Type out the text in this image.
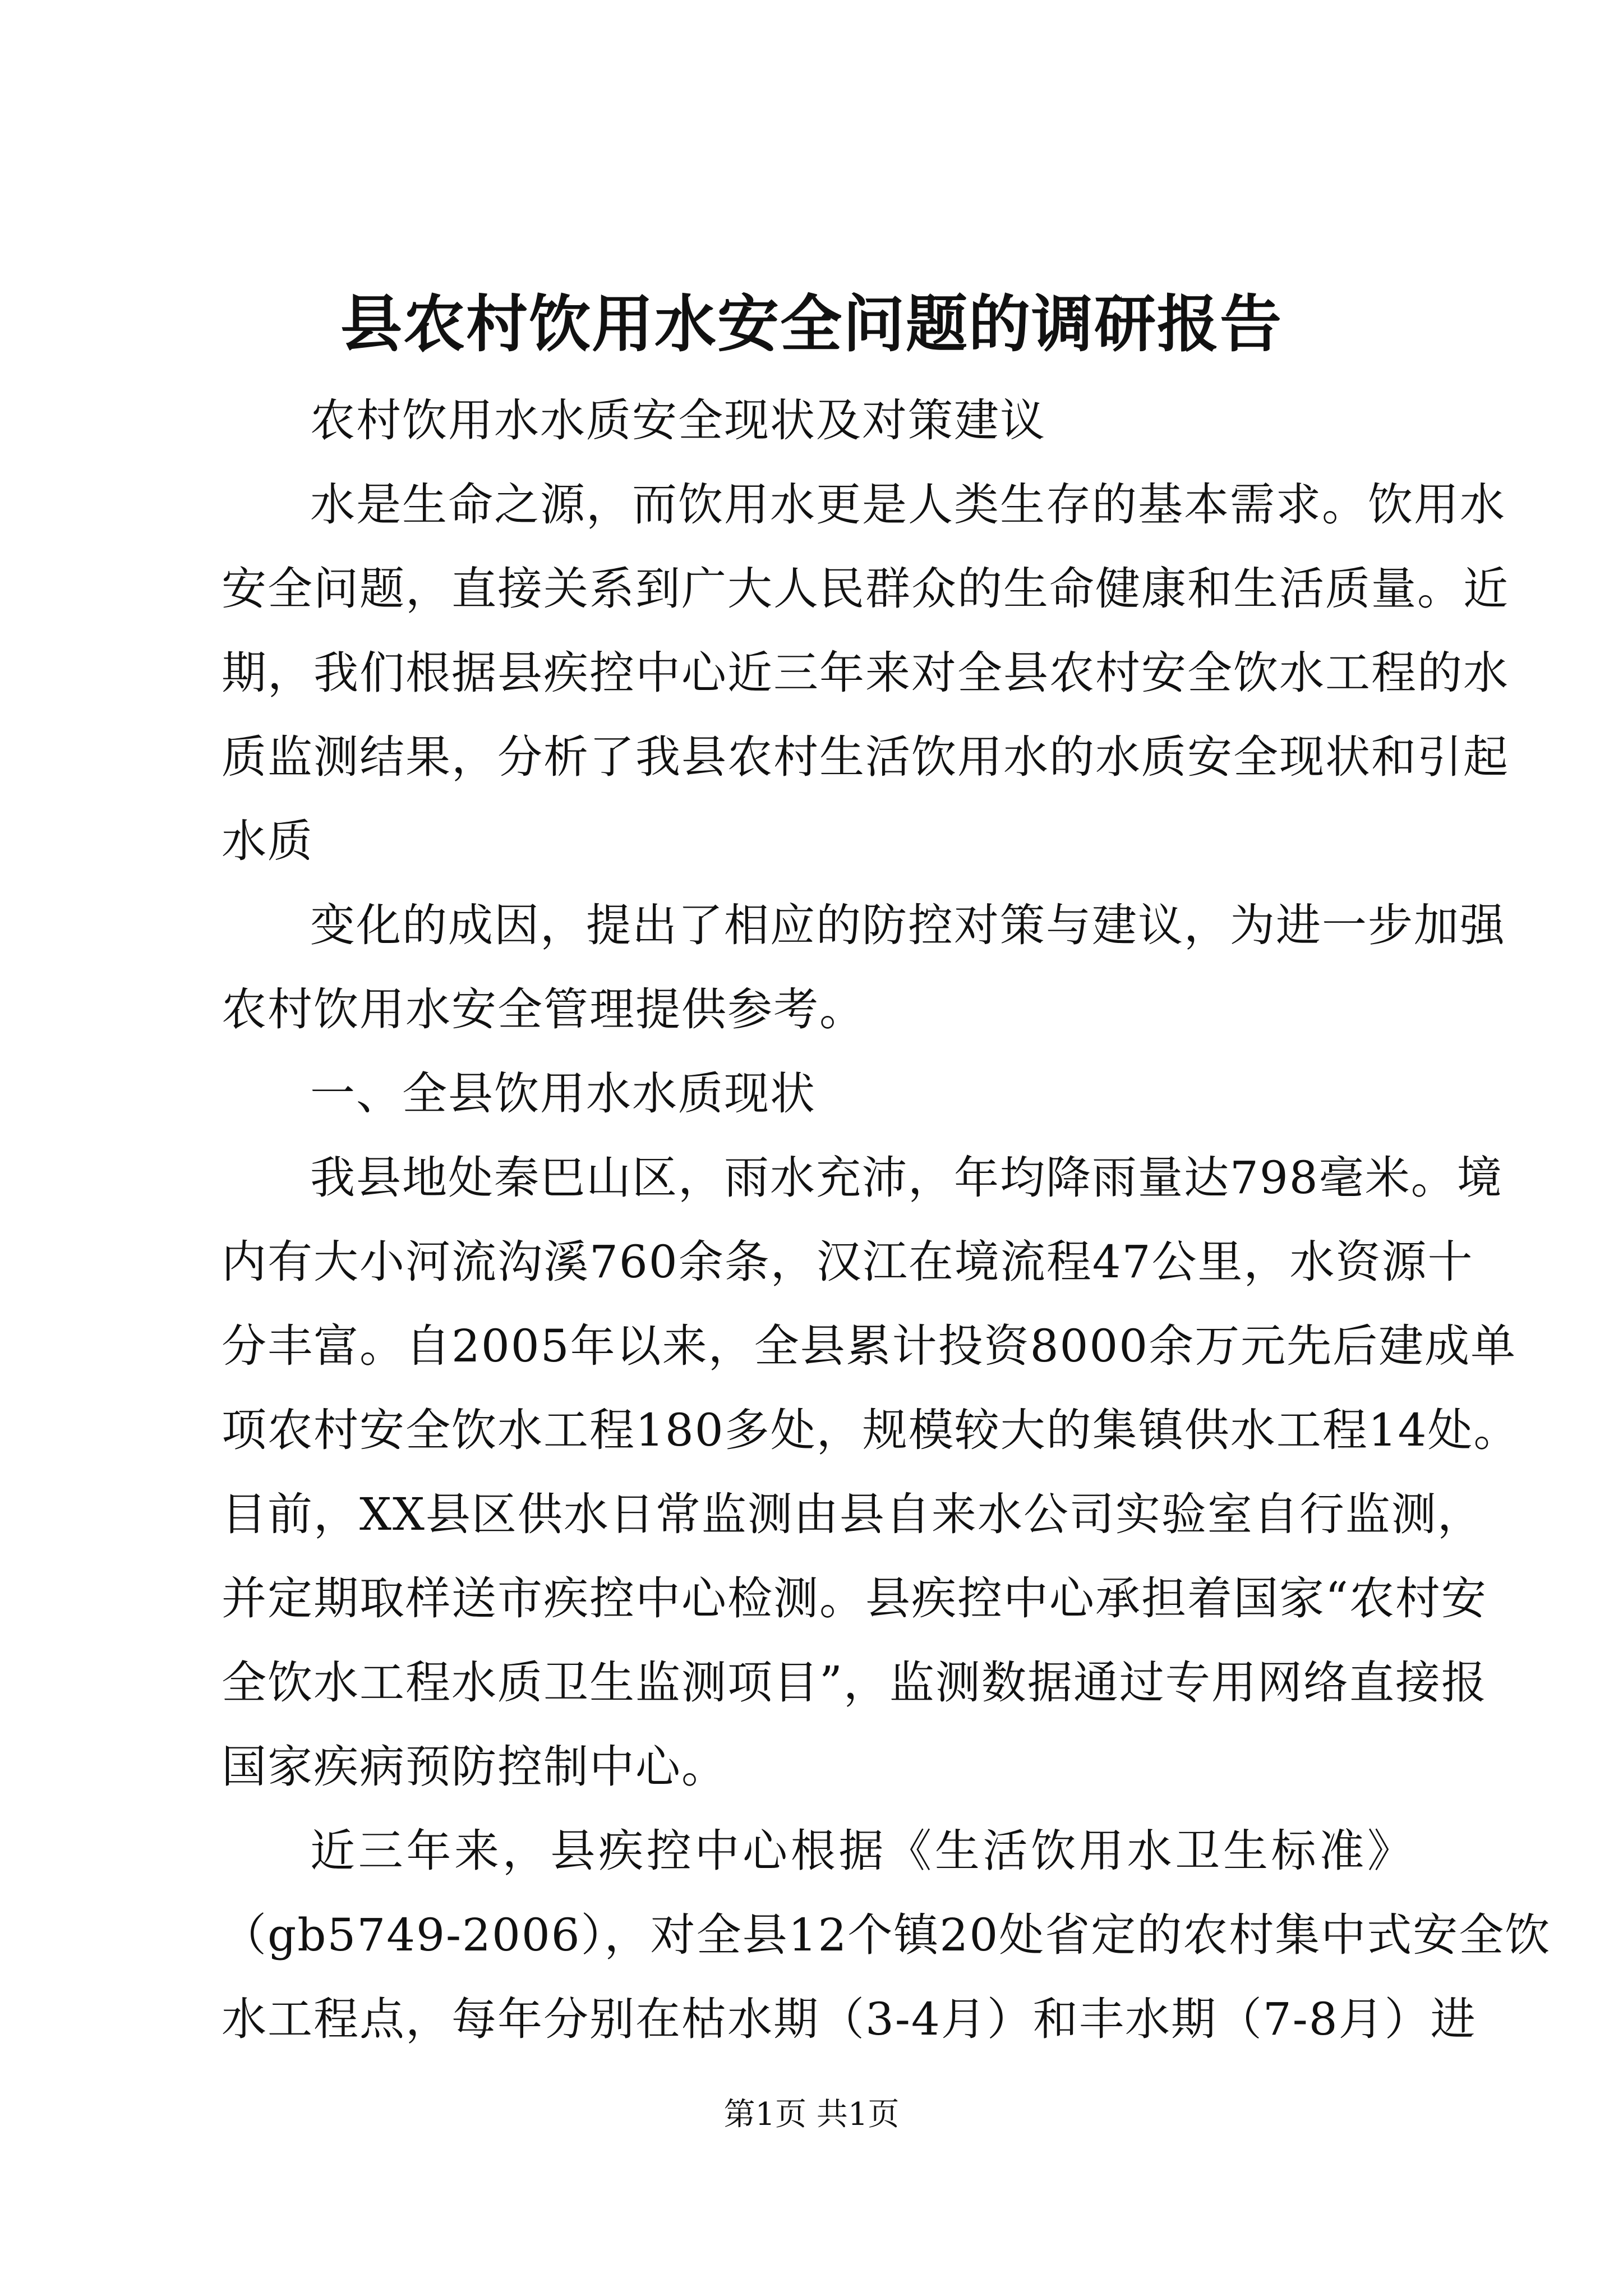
县农村饮用水安全问题的调研报告
农村饮用水水质安全现状及对策建议
水是生命之源，而饮用水更是人类生存的基本需求。饮用水
安全问题，直接关系到广大人民群众的生命健康和生活质量。近
期，我们根据县疾控中心近三年来对全县农村安全饮水工程的水
质监测结果，分析了我县农村生活饮用水的水质安全现状和引起
水质
变化的成因，提出了相应的防控对策与建议，为进一步加强
农村饮用水安全管理提供参考。
一、全县饮用水水质现状
我县地处秦巴山区，雨水充沛，年均降雨量达798毫米。境
内有大小河流沟溪760余条，汉江在境流程47公里，水资源十
分丰富。自2005年以来，全县累计投资8000余万元先后建成单
项农村安全饮水工程180多处，规模较大的集镇供水工程14处。
目前，XX县区供水日常监测由县自来水公司实验室自行监测，
并定期取样送市疾控中心检测。县疾控中心承担着国家“农村安
全饮水工程水质卫生监测项目”，监测数据通过专用网络直接报
国家疾病预防控制中心。
近三年来，县疾控中心根据《生活饮用水卫生标准》
（gb5749-2006），对全县12个镇20处省定的农村集中式安全饮
水工程点，每年分别在枯水期（3-4月）和丰水期（7-8月）进
第1页 共1页
